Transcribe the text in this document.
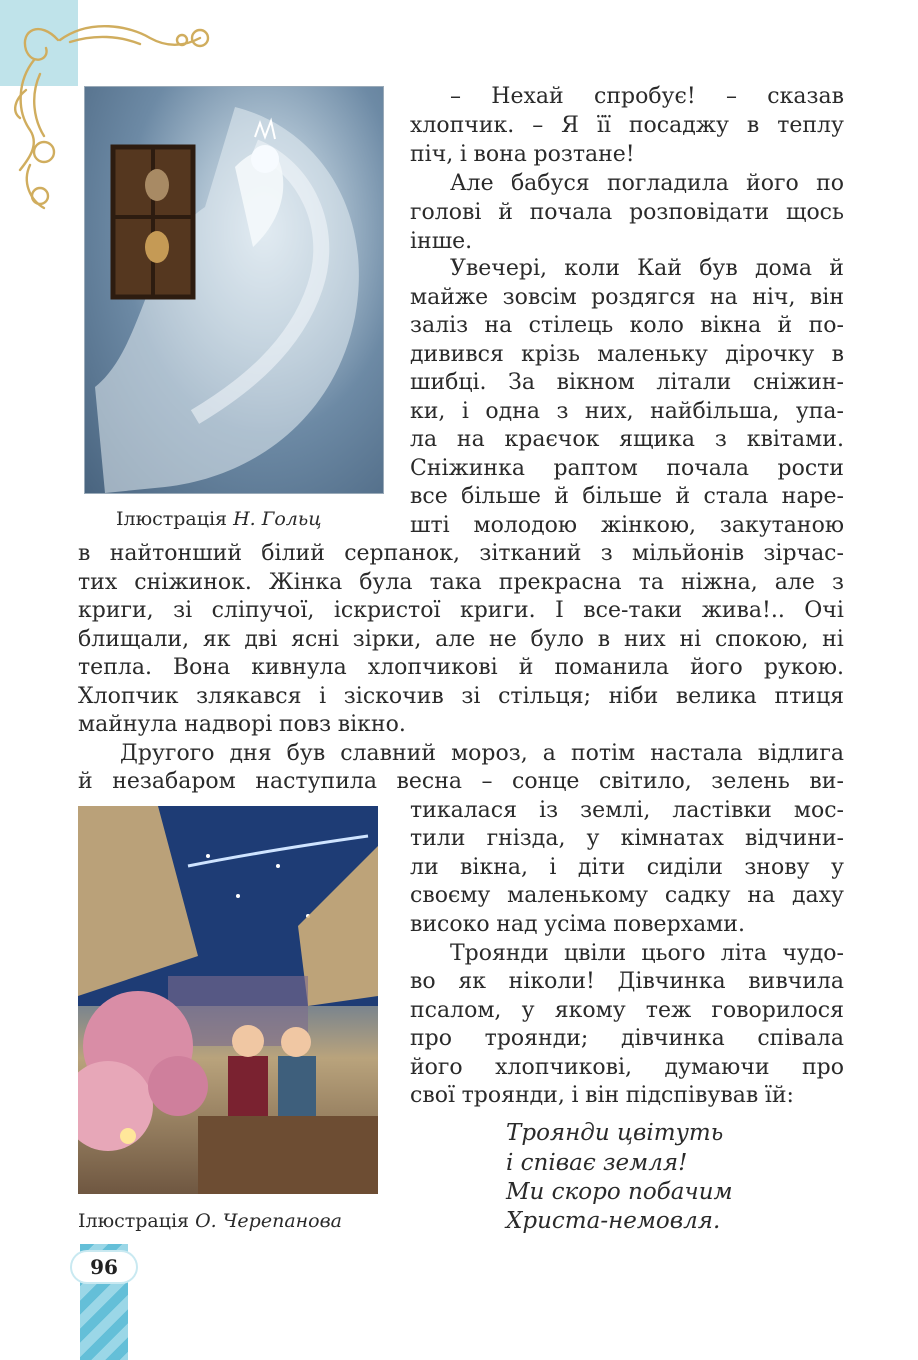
Ілюстрація Н. Гольц
Ілюстрація О. Черепанова
96
– Нехай спробує! – сказав
хлопчик. – Я її посаджу в теплу
піч, і вона розтане!
Але бабуся погладила його по
голові й почала розповідати щось
інше.
Увечері, коли Кай був дома й
майже зовсім роздягся на ніч, він
заліз на стілець коло вікна й по-
дивився крізь маленьку дірочку в
шибці. За вікном літали сніжин-
ки, і одна з них, найбільша, упа-
ла на краєчок ящика з квітами.
Сніжинка раптом почала рости
все більше й більше й стала наре-
шті молодою жінкою, закутаною
в найтонший білий серпанок, зітканий з мільйонів зірчас-
тих сніжинок. Жінка була така прекрасна та ніжна, але з
криги, зі сліпучої, іскристої криги. І все-таки жива!.. Очі
блищали, як дві ясні зірки, але не було в них ні спокою, ні
тепла. Вона кивнула хлопчикові й поманила його рукою.
Хлопчик злякався і зіскочив зі стільця; ніби велика птиця
майнула надворі повз вікно.
Другого дня був славний мороз, а потім настала відлига
й незабаром наступила весна – сонце світило, зелень ви-
тикалася із землі, ластівки мос-
тили гнізда, у кімнатах відчини-
ли вікна, і діти сиділи знову у
своєму маленькому садку на даху
високо над усіма поверхами.
Троянди цвіли цього літа чудо-
во як ніколи! Дівчинка вивчила
псалом, у якому теж говорилося
про троянди; дівчинка співала
його хлопчикові, думаючи про
свої троянди, і він підспівував їй:
Троянди цвітуть
і співає земля!
Ми скоро побачим
Христа-немовля.
